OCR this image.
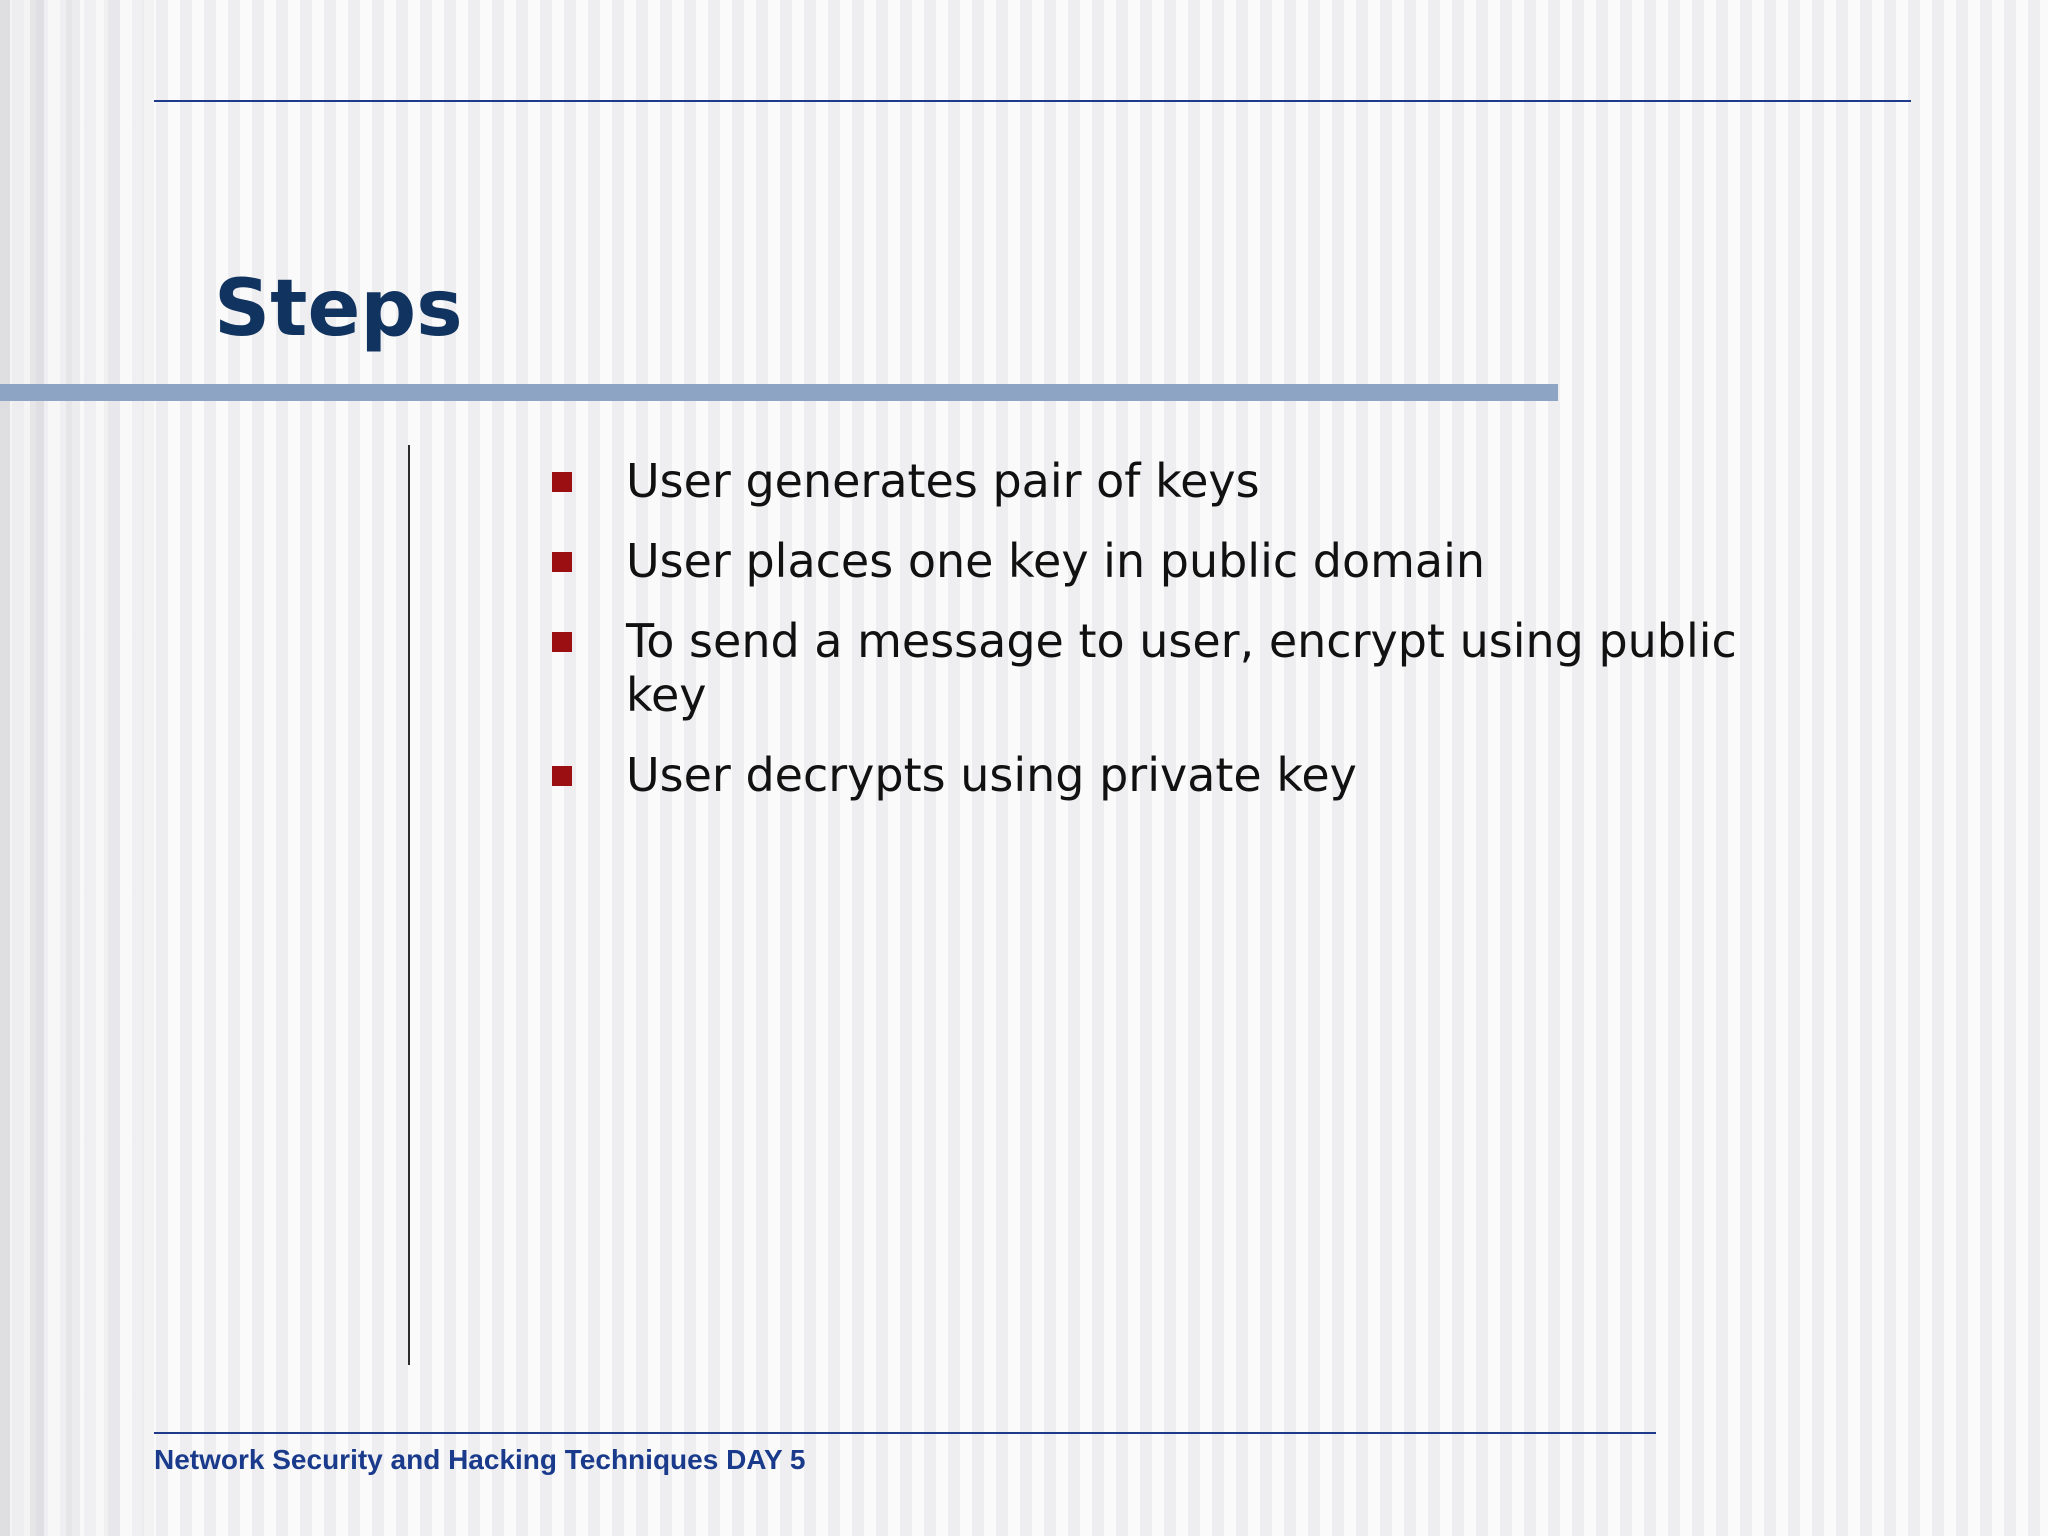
Steps
User generates pair of keys
User places one key in public domain
To send a message to user, encrypt using public key
User decrypts using private key
Network Security and Hacking Techniques DAY 5
